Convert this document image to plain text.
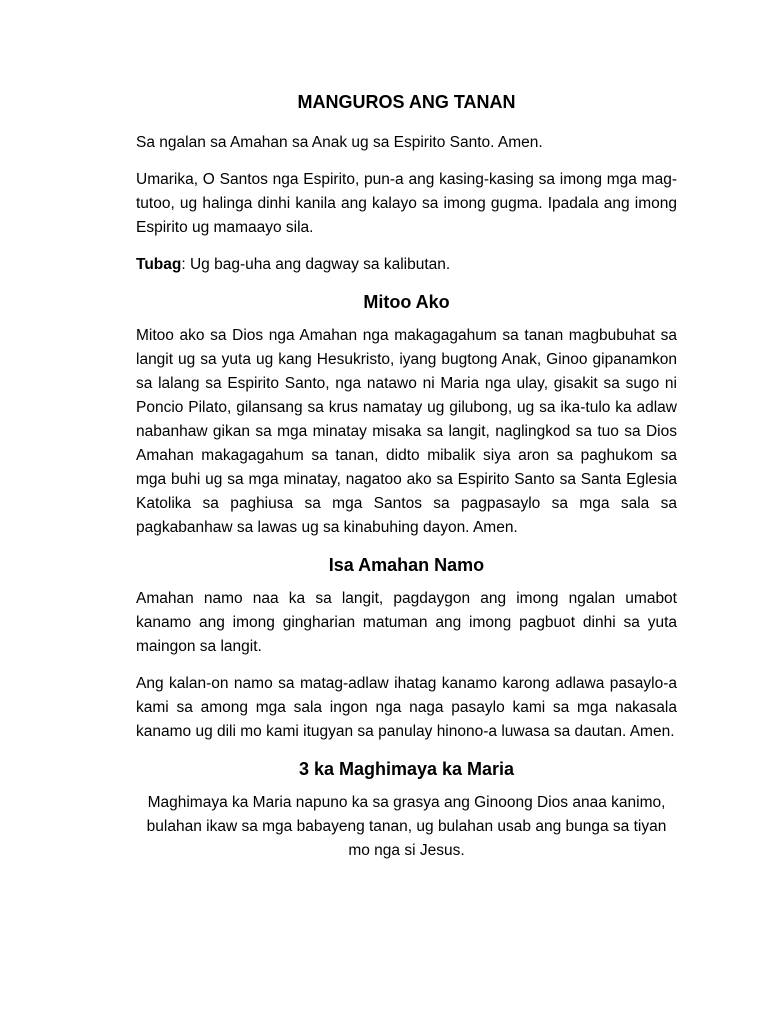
MANGUROS ANG TANAN

Sa ngalan sa Amahan sa Anak ug sa Espirito Santo. Amen.

Umarika, O Santos nga Espirito, pun-a ang kasing-kasing sa imong mga mag-tutoo, ug halinga dinhi kanila ang kalayo sa imong gugma. Ipadala ang imong Espirito ug mamaayo sila.

Tubag: Ug bag-uha ang dagway sa kalibutan.

Mitoo Ako

Mitoo ako sa Dios nga Amahan nga makagagahum sa tanan magbubuhat sa langit ug sa yuta ug kang Hesukristo, iyang bugtong Anak, Ginoo gipanamkon sa lalang sa Espirito Santo, nga natawo ni Maria nga ulay, gisakit sa sugo ni Poncio Pilato, gilansang sa krus namatay ug gilubong, ug sa ika-tulo ka adlaw nabanhaw gikan sa mga minatay misaka sa langit, naglingkod sa tuo sa Dios Amahan makagagahum sa tanan, didto mibalik siya aron sa paghukom sa mga buhi ug sa mga minatay, nagatoo ako sa Espirito Santo sa Santa Eglesia Katolika sa paghiusa sa mga Santos sa pagpasaylo sa mga sala sa pagkabanhaw sa lawas ug sa kinabuhing dayon. Amen.

Isa Amahan Namo

Amahan namo naa ka sa langit, pagdaygon ang imong ngalan umabot kanamo ang imong gingharian matuman ang imong pagbuot dinhi sa yuta maingon sa langit.

Ang kalan-on namo sa matag-adlaw ihatag kanamo karong adlawa pasaylo-a kami sa among mga sala ingon nga naga pasaylo kami sa mga nakasala kanamo ug dili mo kami itugyan sa panulay hinono-a luwasa sa dautan. Amen.

3 ka Maghimaya ka Maria

Maghimaya ka Maria napuno ka sa grasya ang Ginoong Dios anaa kanimo, bulahan ikaw sa mga babayeng tanan, ug bulahan usab ang bunga sa tiyan mo nga si Jesus.
